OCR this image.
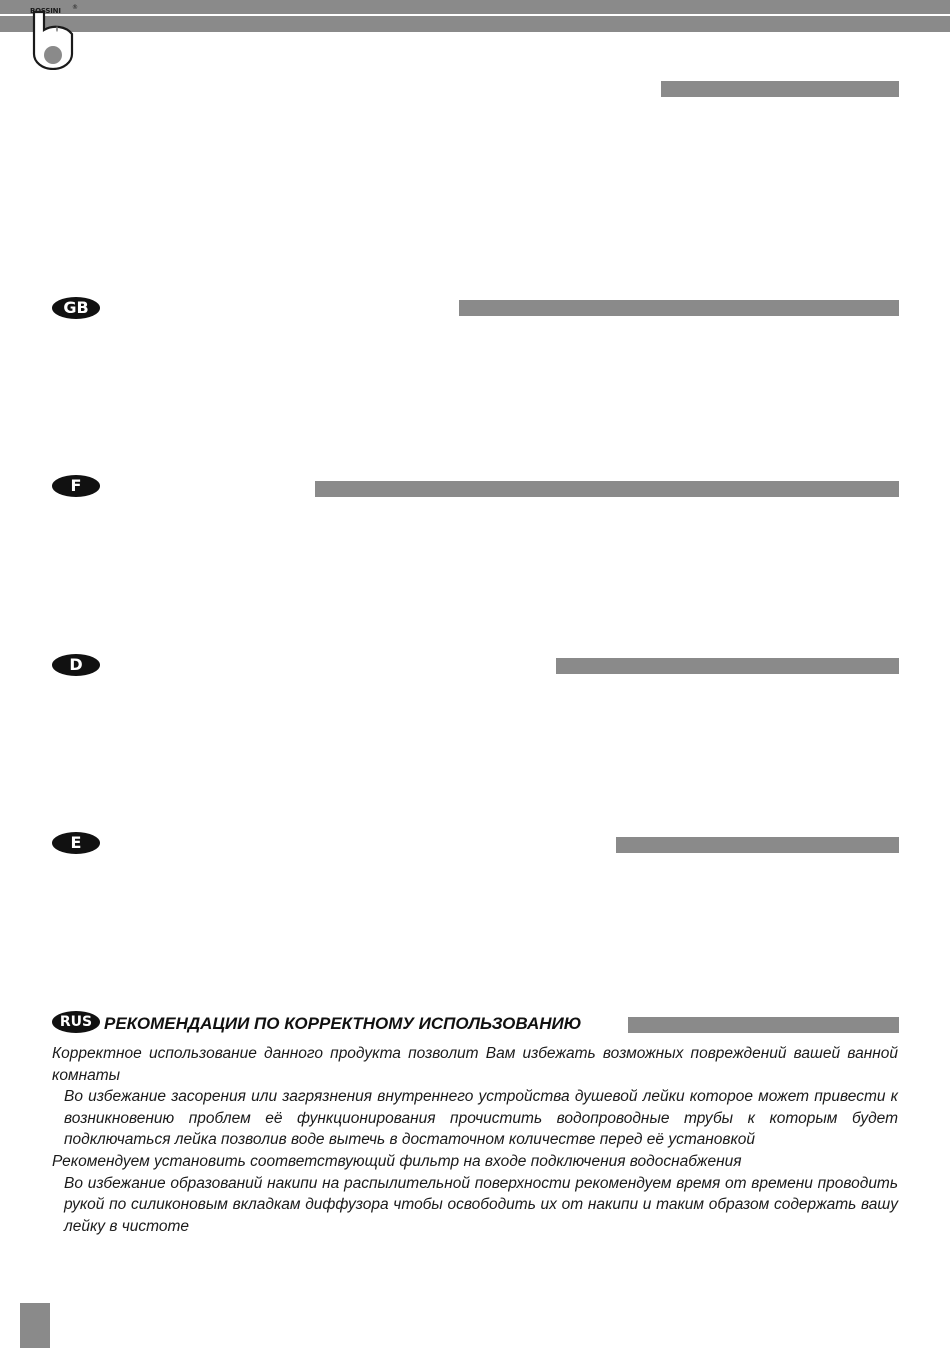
BOSSINI	®
GB
F
D
E
RUS РЕКОМЕНДАЦИИ ПО КОРРЕКТНОМУ ИСПОЛЬЗОВАНИЮ

Корректное использование данного продукта позволит Вам избежать возможных повреждений вашей ванной комнаты

Во избежание засорения или загрязнения внутреннего устройства душевой лейки которое может привести к возникновению проблем её функционирования прочистить водопроводные трубы к которым будет подключаться лейка позволив воде вытечь в достаточном количестве перед её установкой

Рекомендуем установить соответствующий фильтр на входе подключения водоснабжения

Во избежание образований накипи на распылительной поверхности рекомендуем время от времени проводить рукой по силиконовым вкладкам диффузора чтобы освободить их от накипи и таким образом содержать вашу лейку в чистоте
